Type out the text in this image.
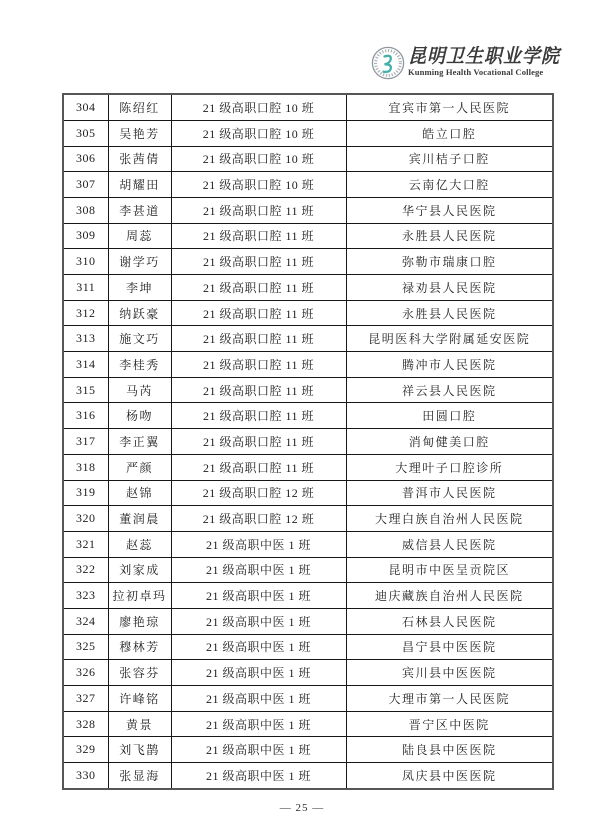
昆明卫生职业学院
Kunming Health Vocational College
304	陈绍红	21 级高职口腔 10 班	宜宾市第一人民医院
305	吴艳芳	21 级高职口腔 10 班	皓立口腔
306	张茜倩	21 级高职口腔 10 班	宾川桔子口腔
307	胡耀田	21 级高职口腔 10 班	云南亿大口腔
308	李甚道	21 级高职口腔 11 班	华宁县人民医院
309	周蕊	21 级高职口腔 11 班	永胜县人民医院
310	谢学巧	21 级高职口腔 11 班	弥勒市瑞康口腔
311	李坤	21 级高职口腔 11 班	禄劝县人民医院
312	纳跃豪	21 级高职口腔 11 班	永胜县人民医院
313	施文巧	21 级高职口腔 11 班	昆明医科大学附属延安医院
314	李桂秀	21 级高职口腔 11 班	腾冲市人民医院
315	马芮	21 级高职口腔 11 班	祥云县人民医院
316	杨吻	21 级高职口腔 11 班	田圆口腔
317	李正翼	21 级高职口腔 11 班	消甸健美口腔
318	严颜	21 级高职口腔 11 班	大理叶子口腔诊所
319	赵锦	21 级高职口腔 12 班	普洱市人民医院
320	董润晨	21 级高职口腔 12 班	大理白族自治州人民医院
321	赵蕊	21 级高职中医 1 班	威信县人民医院
322	刘家成	21 级高职中医 1 班	昆明市中医呈贡院区
323	拉初卓玛	21 级高职中医 1 班	迪庆藏族自治州人民医院
324	廖艳琼	21 级高职中医 1 班	石林县人民医院
325	穆林芳	21 级高职中医 1 班	昌宁县中医医院
326	张容芬	21 级高职中医 1 班	宾川县中医医院
327	许峰铭	21 级高职中医 1 班	大理市第一人民医院
328	黄景	21 级高职中医 1 班	晋宁区中医院
329	刘飞鹊	21 级高职中医 1 班	陆良县中医医院
330	张显海	21 级高职中医 1 班	凤庆县中医医院
— 25 —
